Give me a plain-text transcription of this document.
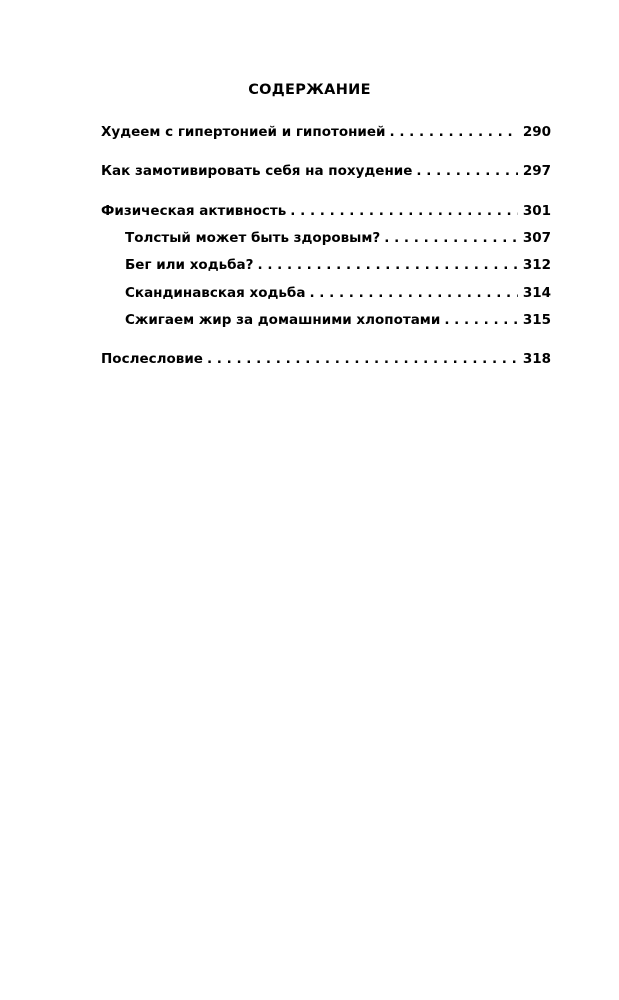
СОДЕРЖАНИЕ
Худеем с гипертонией и гипотонией . . .	290
Как замотивировать себя на похудение . . .	297
Физическая активность . . .	301
Толстый может быть здоровым? . . .	307
Бег или ходьба? . . .	312
Скандинавская ходьба . . .	314
Сжигаем жир за домашними хлопотами . . .	315
Послесловие . . .	318
